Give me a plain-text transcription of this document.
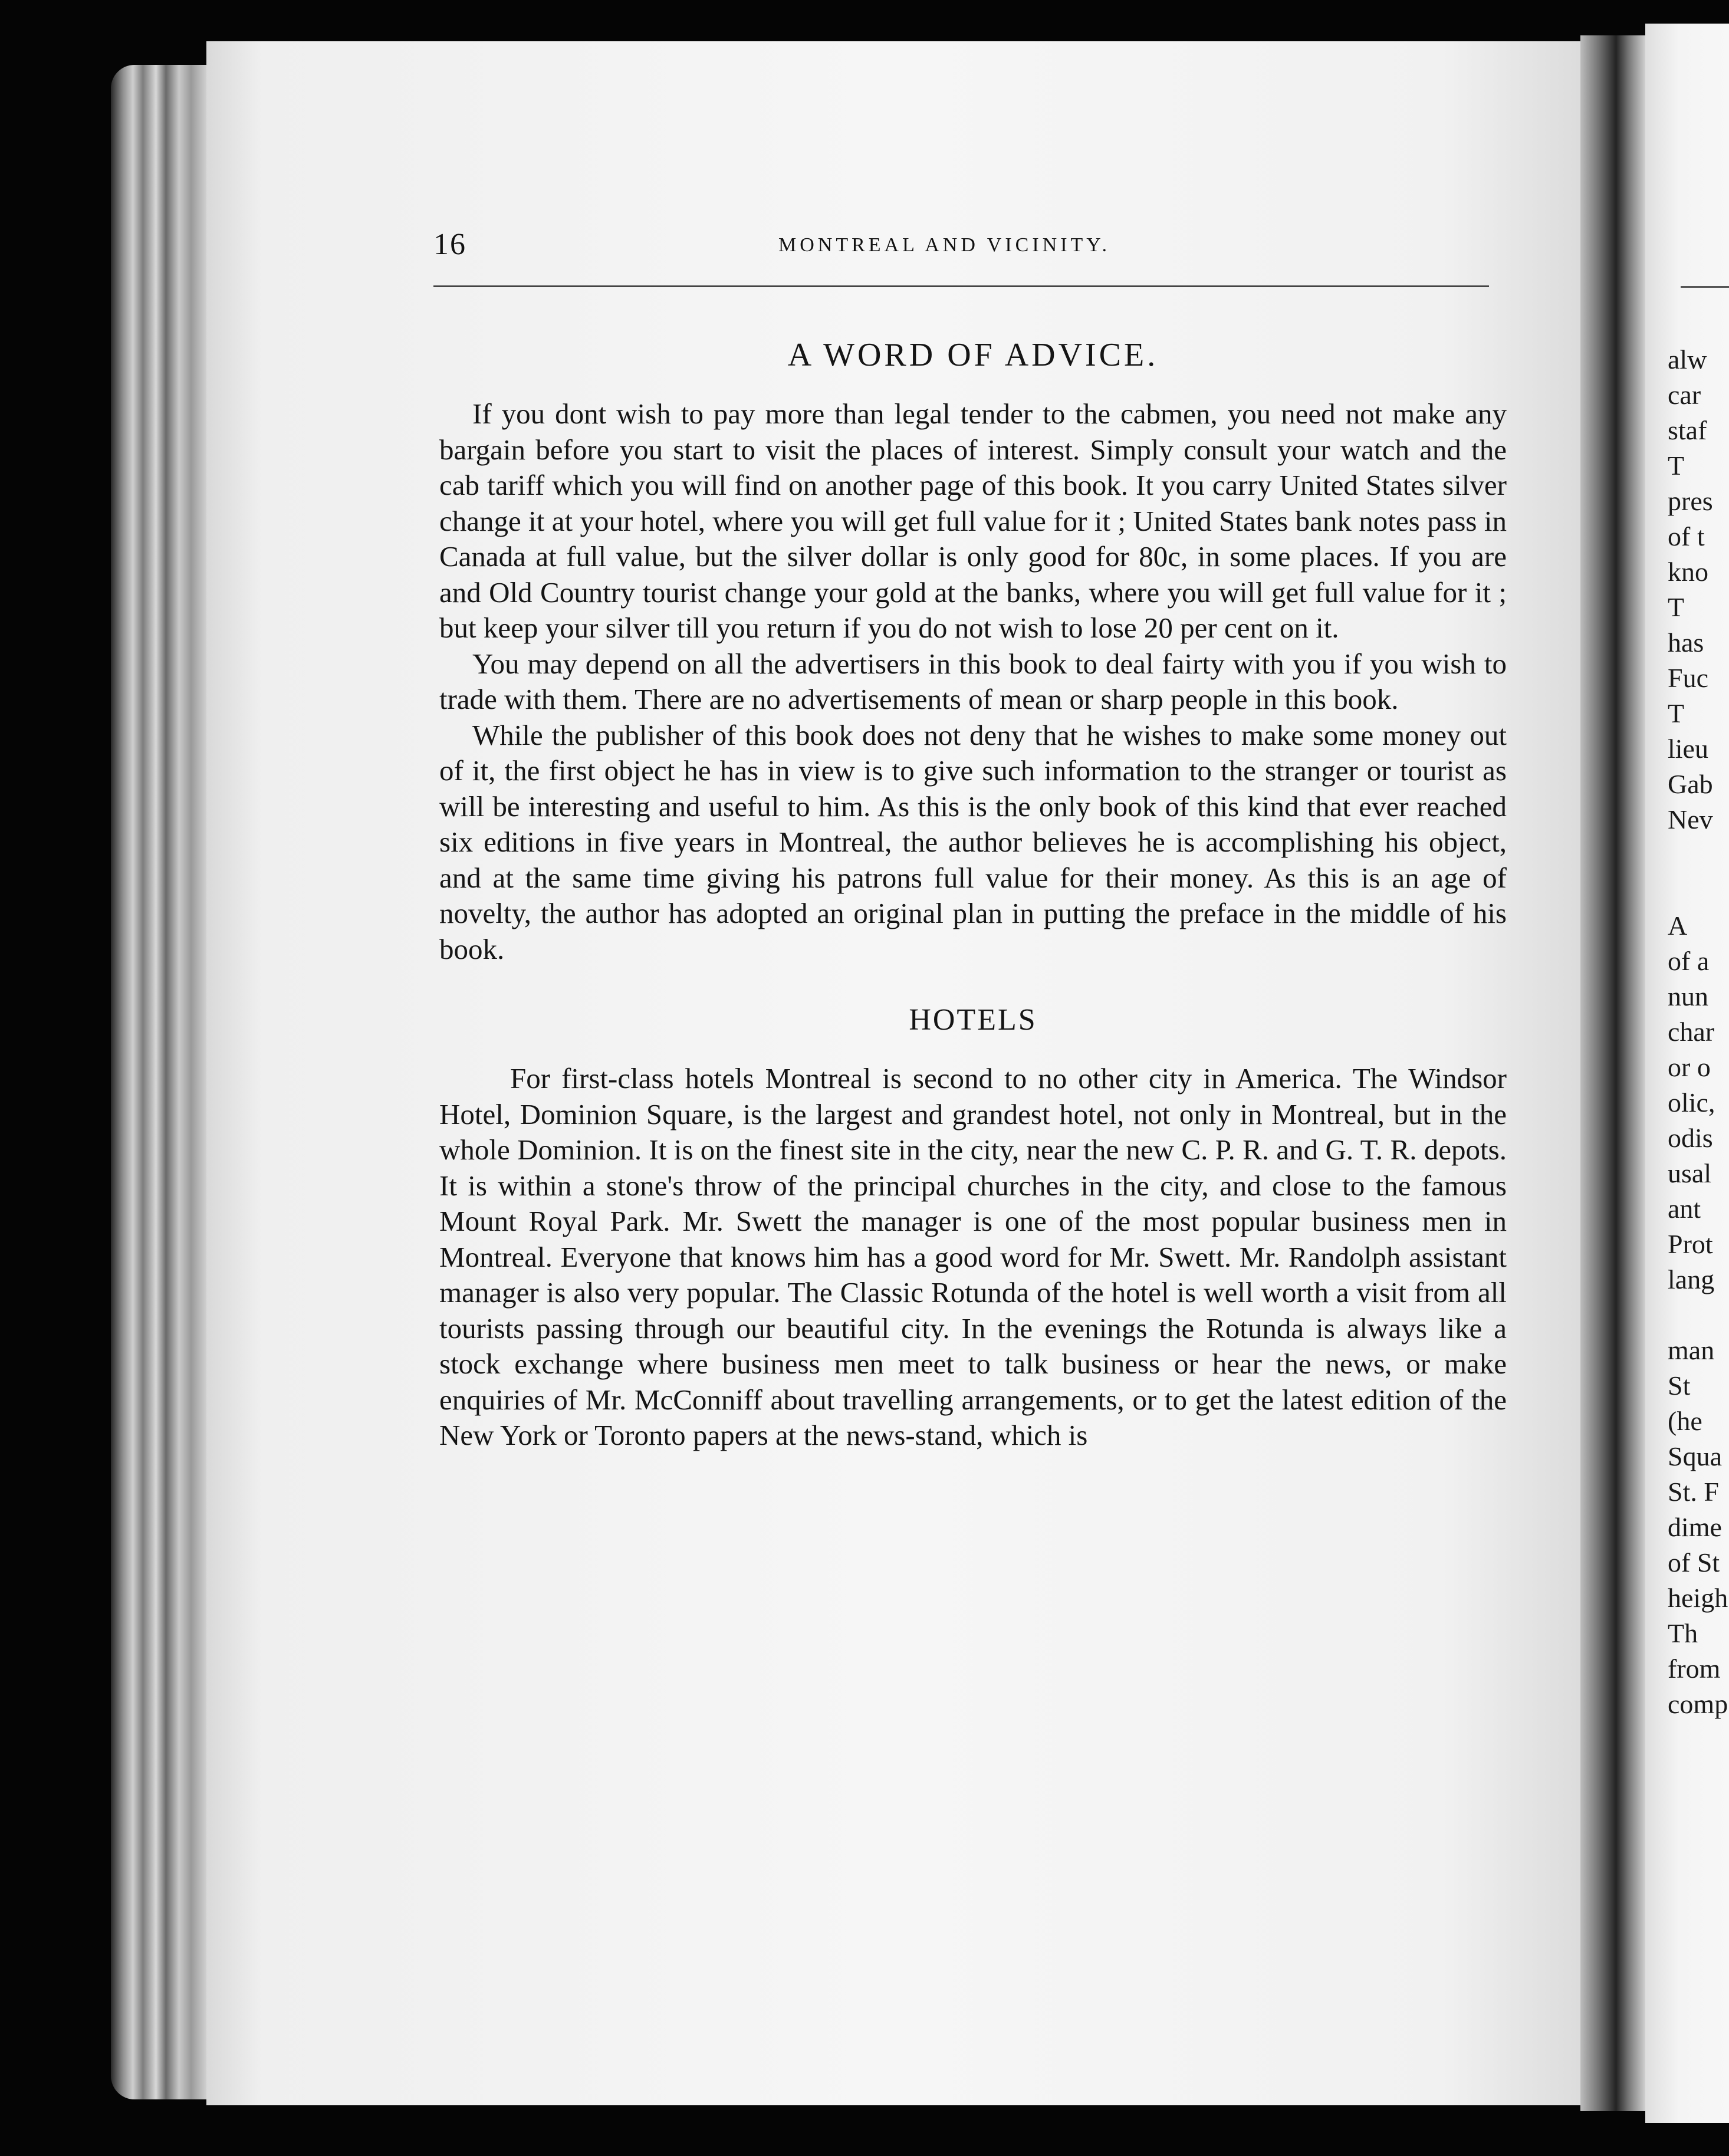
alw
car
staf
T
pres
of t
kno
T
has
Fuc
T
lieu
Gab
Nev
A
of a
nun
char
or o
olic,
odis
usal
ant
Prot
lang
man
St
(he
Squa
St. F
dime
of St
heigh
Th
from
comp
16	MONTREAL AND VICINITY.
A WORD OF ADVICE.

If you dont wish to pay more than legal tender to the cabmen, you need not make any bargain before you start to visit the places of interest. Simply consult your watch and the cab tariff which you will find on another page of this book. It you carry United States silver change it at your hotel, where you will get full value for it ; United States bank notes pass in Canada at full value, but the silver dollar is only good for 80c, in some places. If you are and Old Country tourist change your gold at the banks, where you will get full value for it ; but keep your silver till you return if you do not wish to lose 20 per cent on it.

You may depend on all the advertisers in this book to deal fairty with you if you wish to trade with them. There are no advertisements of mean or sharp people in this book.

While the publisher of this book does not deny that he wishes to make some money out of it, the first object he has in view is to give such information to the stranger or tourist as will be interesting and useful to him. As this is the only book of this kind that ever reached six editions in five years in Montreal, the author believes he is accomplishing his object, and at the same time giving his patrons full value for their money. As this is an age of novelty, the author has adopted an original plan in putting the preface in the middle of his book.

HOTELS

For first-class hotels Montreal is second to no other city in America. The Windsor Hotel, Dominion Square, is the largest and grandest hotel, not only in Montreal, but in the whole Dominion. It is on the finest site in the city, near the new C. P. R. and G. T. R. depots. It is within a stone's throw of the principal churches in the city, and close to the famous Mount Royal Park. Mr. Swett the manager is one of the most popular business men in Montreal. Everyone that knows him has a good word for Mr. Swett. Mr. Randolph assistant manager is also very popular. The Classic Rotunda of the hotel is well worth a visit from all tourists passing through our beautiful city. In the evenings the Rotunda is always like a stock exchange where business men meet to talk business or hear the news, or make enquiries of Mr. McConniff about travelling arrangements, or to get the latest edition of the New York or Toronto papers at the news-stand, which is
